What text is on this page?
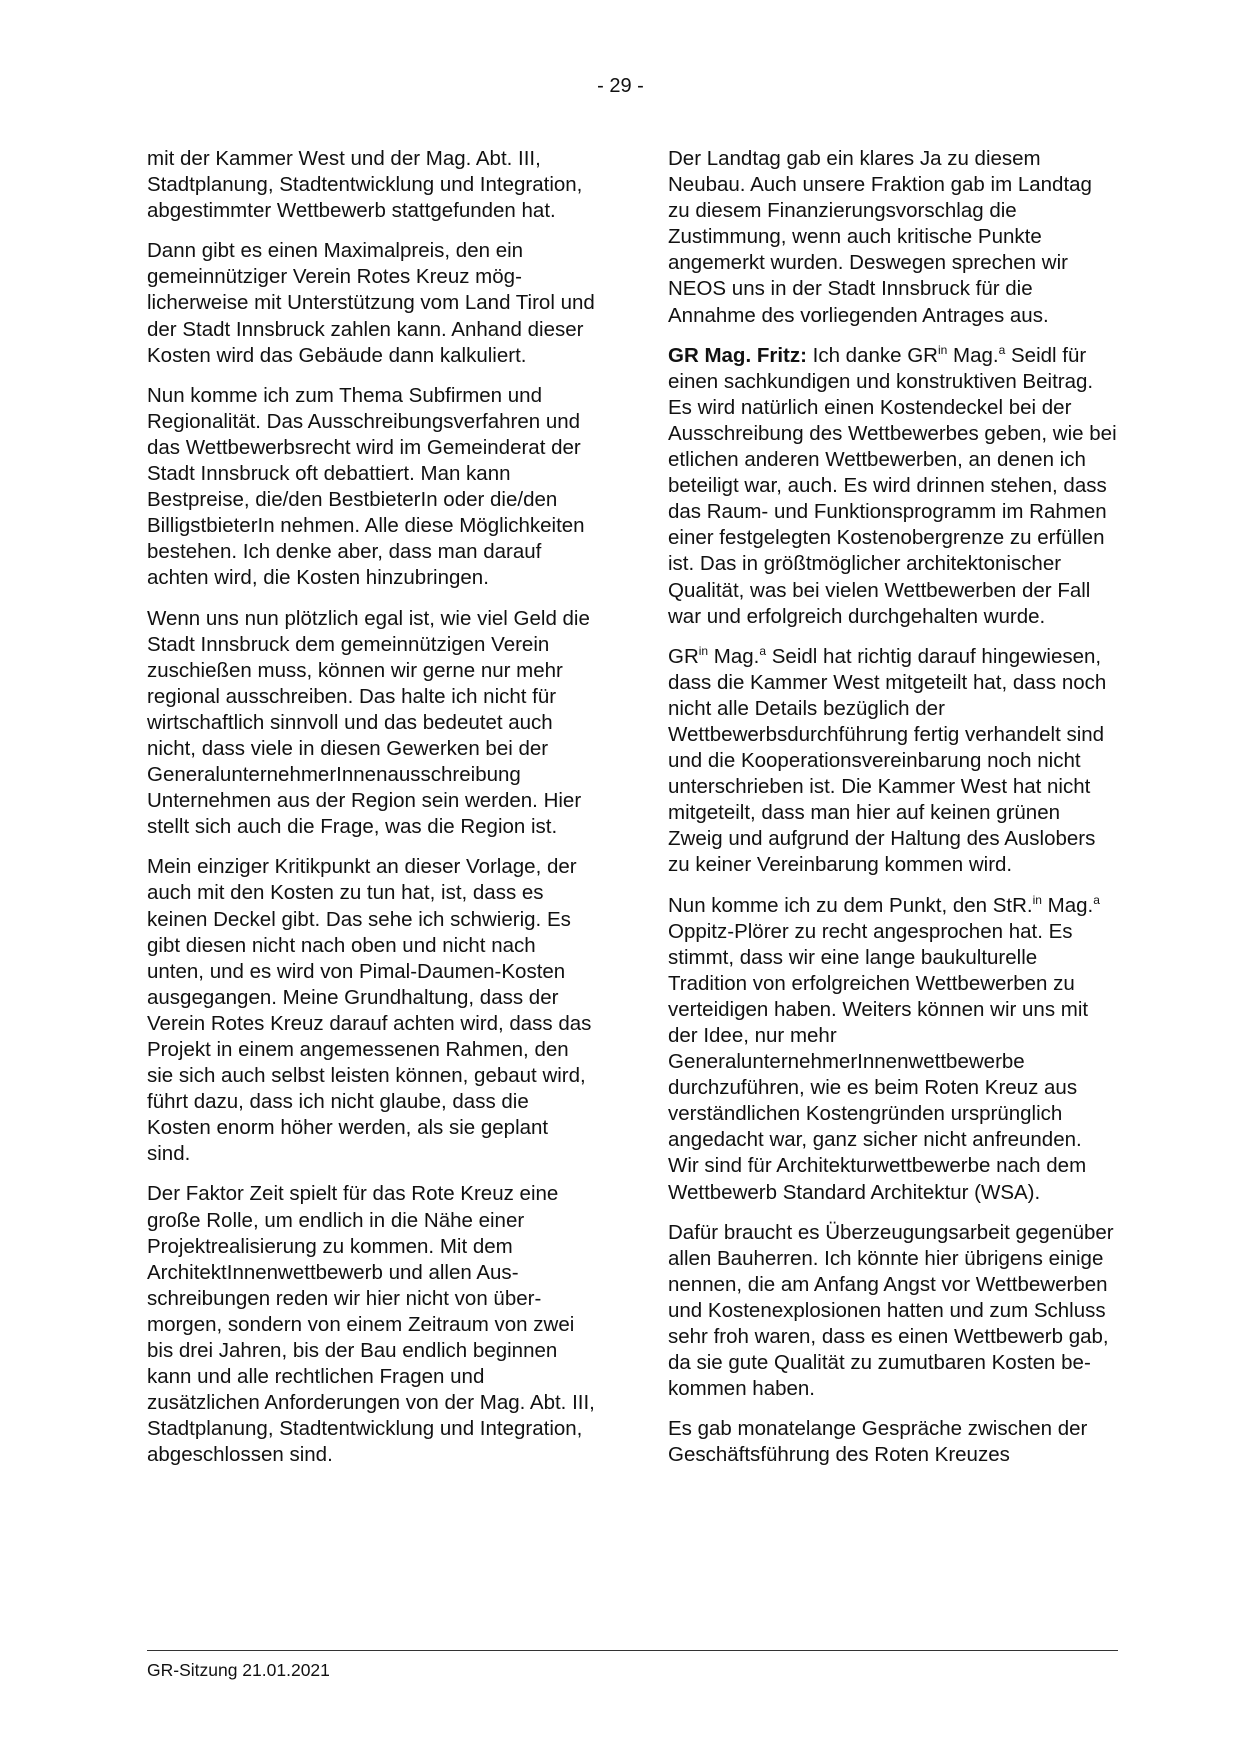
- 29 -

mit der Kammer West und der Mag. Abt. III, Stadtplanung, Stadtentwicklung und Integration, abgestimmter Wettbewerb stattgefunden hat.

Dann gibt es einen Maximalpreis, den ein gemeinnütziger Verein Rotes Kreuz möglicherweise mit Unterstützung vom Land Tirol und der Stadt Innsbruck zahlen kann. Anhand dieser Kosten wird das Gebäude dann kalkuliert.

Nun komme ich zum Thema Subfirmen und Regionalität. Das Ausschreibungsverfahren und das Wettbewerbsrecht wird im Gemeinderat der Stadt Innsbruck oft debattiert. Man kann Bestpreise, die/den BestbieterIn oder die/den BilligstbieterIn nehmen. Alle diese Möglichkeiten bestehen. Ich denke aber, dass man darauf achten wird, die Kosten hinzubringen.

Wenn uns nun plötzlich egal ist, wie viel Geld die Stadt Innsbruck dem gemeinnützigen Verein zuschießen muss, können wir gerne nur mehr regional ausschreiben. Das halte ich nicht für wirtschaftlich sinnvoll und das bedeutet auch nicht, dass viele in diesen Gewerken bei der GeneralunternehmerInnenausschreibung Unternehmen aus der Region sein werden. Hier stellt sich auch die Frage, was die Region ist.

Mein einziger Kritikpunkt an dieser Vorlage, der auch mit den Kosten zu tun hat, ist, dass es keinen Deckel gibt. Das sehe ich schwierig. Es gibt diesen nicht nach oben und nicht nach unten, und es wird von Pimal-Daumen-Kosten ausgegangen. Meine Grundhaltung, dass der Verein Rotes Kreuz darauf achten wird, dass das Projekt in einem angemessenen Rahmen, den sie sich auch selbst leisten können, gebaut wird, führt dazu, dass ich nicht glaube, dass die Kosten enorm höher werden, als sie geplant sind.

Der Faktor Zeit spielt für das Rote Kreuz eine große Rolle, um endlich in die Nähe einer Projektrealisierung zu kommen. Mit dem ArchitektInnenwettbewerb und allen Ausschreibungen reden wir hier nicht von übermorgen, sondern von einem Zeitraum von zwei bis drei Jahren, bis der Bau endlich beginnen kann und alle rechtlichen Fragen und zusätzlichen Anforderungen von der Mag. Abt. III, Stadtplanung, Stadtentwicklung und Integration, abgeschlossen sind.

Der Landtag gab ein klares Ja zu diesem Neubau. Auch unsere Fraktion gab im Landtag zu diesem Finanzierungsvorschlag die Zustimmung, wenn auch kritische Punkte angemerkt wurden. Deswegen sprechen wir NEOS uns in der Stadt Innsbruck für die Annahme des vorliegenden Antrages aus.

GR Mag. Fritz: Ich danke $GR^{in}$ Mag.$^a$ Seidl für einen sachkundigen und konstruktiven Beitrag. Es wird natürlich einen Kostendeckel bei der Ausschreibung des Wettbewerbes geben, wie bei etlichen anderen Wettbewerben, an denen ich beteiligt war, auch. Es wird drinnen stehen, dass das Raum- und Funktionsprogramm im Rahmen einer festgelegten Kostenobergrenze zu erfüllen ist. Das in größtmöglicher architektonischer Qualität, was bei vielen Wettbewerben der Fall war und erfolgreich durchgehalten wurde.

$GR^{in}$ Mag.$^a$ Seidl hat richtig darauf hingewiesen, dass die Kammer West mitgeteilt hat, dass noch nicht alle Details bezüglich der Wettbewerbsdurchführung fertig verhandelt sind und die Kooperationsvereinbarung noch nicht unterschrieben ist. Die Kammer West hat nicht mitgeteilt, dass man hier auf keinen grünen Zweig und aufgrund der Haltung des Auslobers zu keiner Vereinbarung kommen wird.

Nun komme ich zu dem Punkt, den StR.$^{in}$ Mag.$^a$ Oppitz-Plörer zu recht angesprochen hat. Es stimmt, dass wir eine lange baukulturelle Tradition von erfolgreichen Wettbewerben zu verteidigen haben. Weiters können wir uns mit der Idee, nur mehr GeneralunternehmerInnenwettbewerbe durchzuführen, wie es beim Roten Kreuz aus verständlichen Kostengründen ursprünglich angedacht war, ganz sicher nicht anfreunden. Wir sind für Architekturwettbewerbe nach dem Wettbewerb Standard Architektur (WSA).

Dafür braucht es Überzeugungsarbeit gegenüber allen Bauherren. Ich könnte hier übrigens einige nennen, die am Anfang Angst vor Wettbewerben und Kostenexplosionen hatten und zum Schluss sehr froh waren, dass es einen Wettbewerb gab, da sie gute Qualität zu zumutbaren Kosten bekommen haben.

Es gab monatelange Gespräche zwischen der Geschäftsführung des Roten Kreuzes

GR-Sitzung 21.01.2021
